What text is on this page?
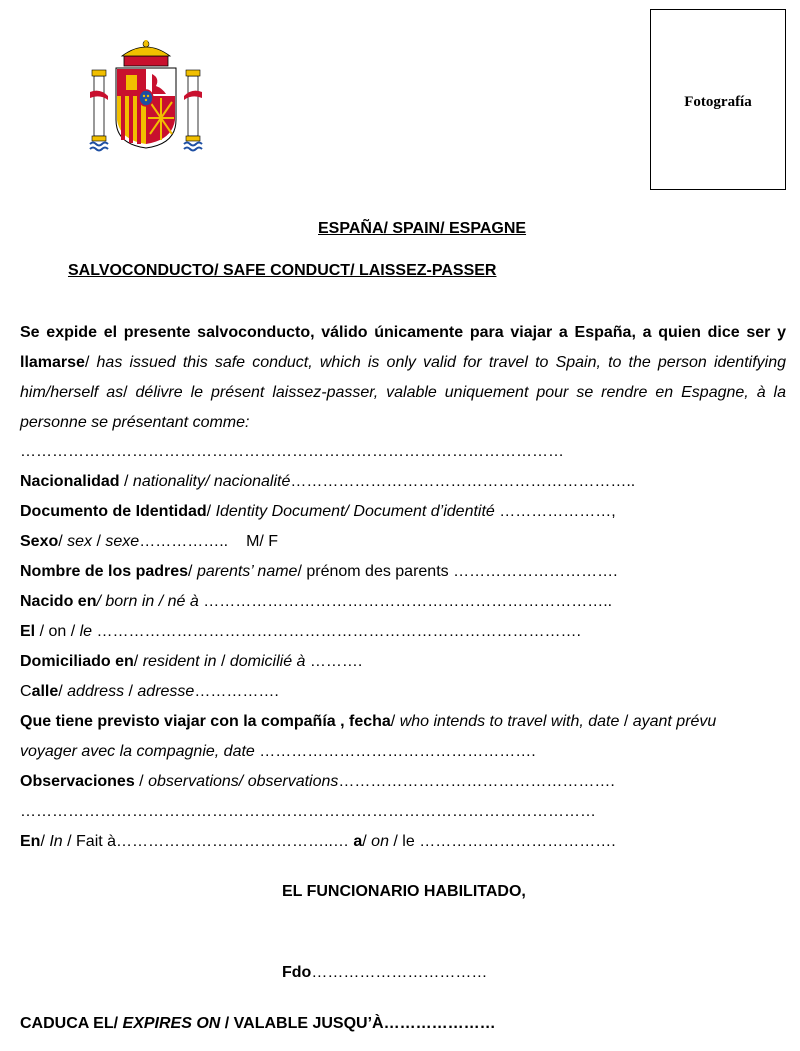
Fotografía
ESPAÑA/ SPAIN/ ESPAGNE
SALVOCONDUCTO/ SAFE CONDUCT/ LAISSEZ-PASSER
Se expide el presente salvoconducto, válido únicamente para viajar a España, a quien dice ser y llamarse/ has issued this safe conduct, which is only valid for travel to Spain, to the person identifying him/herself as/ délivre le présent laissez-passer, valable uniquement pour se rendre en Espagne, à la personne se présentant comme:
…………………………………………………………………………………………
Nacionalidad / nationality/ nacionalité………………………………………………………..
Documento de Identidad/ Identity Document/ Document d’identité …………………,
Sexo/ sex / sexe…………….. M/ F
Nombre de los padres/ parents’ name/ prénom des parents ………………………….
Nacido en/ born in / né à …………………………………………………………………..
El / on / le ……………………………………………………………………………….
Domiciliado en/ resident in / domicilié à ……….
Calle/ address / adresse…………….
Que tiene previsto viajar con la compañía , fecha/ who intends to travel with, date / ayant prévu
voyager avec la compagnie, date …………………………………………….
Observaciones / observations/ observations…………………………………………….
………………………………………………………………………………………………
En/ In / Fait à…………………………………..… a/ on / le ……………………………….
EL FUNCIONARIO HABILITADO,
Fdo……………………………
CADUCA EL/ EXPIRES ON / VALABLE JUSQU’À…………………
